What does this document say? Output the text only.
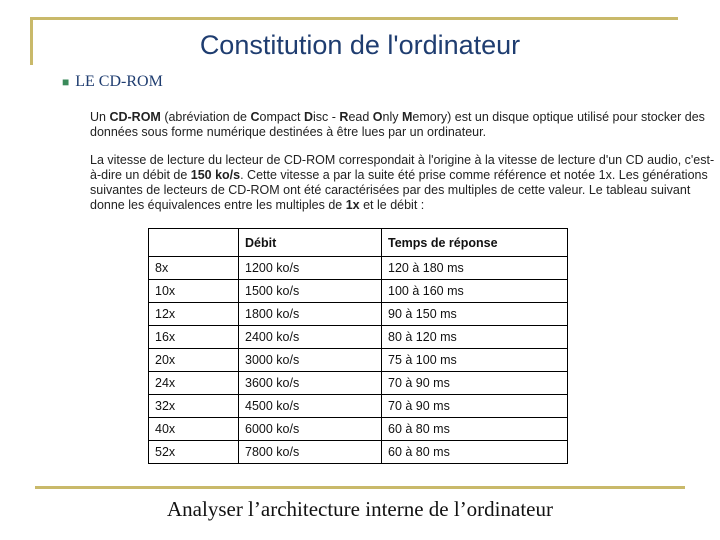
Constitution de l'ordinateur
■ LE CD-ROM
Un CD-ROM (abréviation de Compact Disc - Read Only Memory) est un disque optique utilisé pour stocker des données sous forme numérique destinées à être lues par un ordinateur.
La vitesse de lecture du lecteur de CD-ROM correspondait à l'origine à la vitesse de lecture d'un CD audio, c'est-à-dire un débit de 150 ko/s. Cette vitesse a par la suite été prise comme référence et notée 1x. Les générations suivantes de lecteurs de CD-ROM ont été caractérisées par des multiples de cette valeur. Le tableau suivant donne les équivalences entre les multiples de 1x et le débit :
	Débit	Temps de réponse
8x	1200 ko/s	120 à 180 ms
10x	1500 ko/s	100 à 160 ms
12x	1800 ko/s	90 à 150 ms
16x	2400 ko/s	80 à 120 ms
20x	3000 ko/s	75 à 100 ms
24x	3600 ko/s	70 à 90 ms
32x	4500 ko/s	70 à 90 ms
40x	6000 ko/s	60 à 80 ms
52x	7800 ko/s	60 à 80 ms
Analyser l’architecture interne de l’ordinateur
